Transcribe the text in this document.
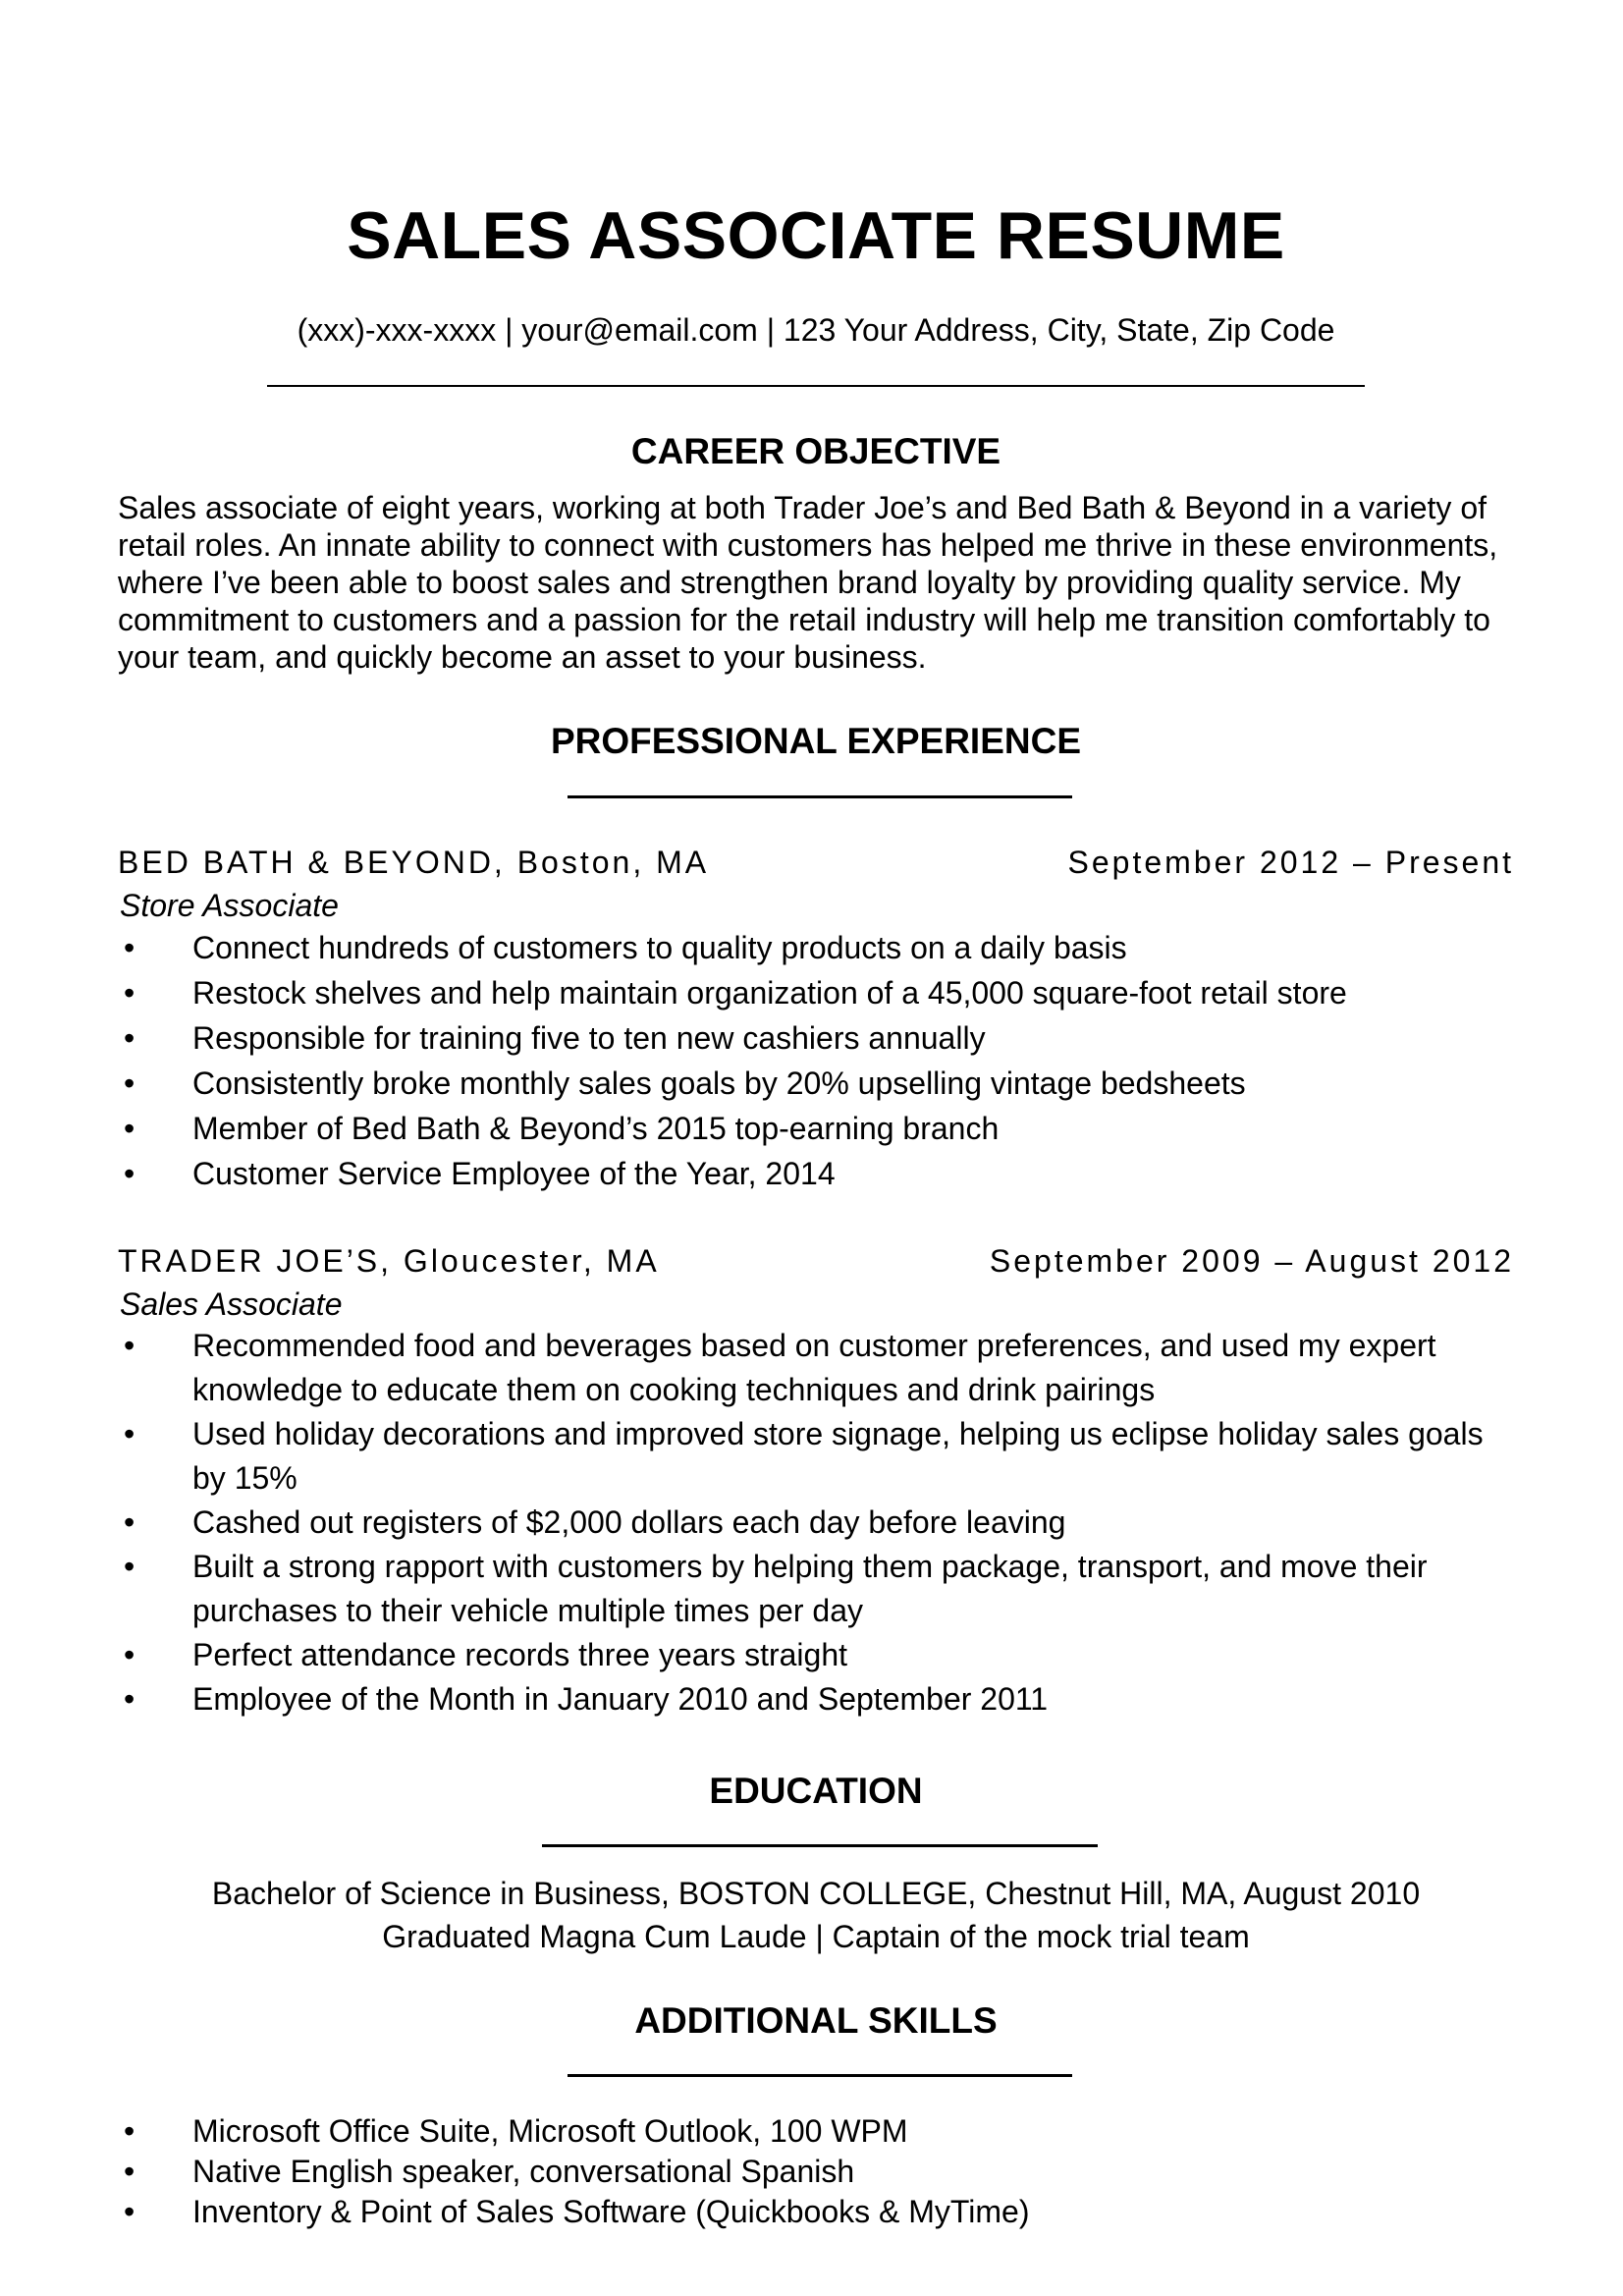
SALES ASSOCIATE RESUME
(xxx)-xxx-xxxx | your@email.com | 123 Your Address, City, State, Zip Code
CAREER OBJECTIVE
Sales associate of eight years, working at both Trader Joe’s and Bed Bath & Beyond in a variety of retail roles. An innate ability to connect with customers has helped me thrive in these environments, where I’ve been able to boost sales and strengthen brand loyalty by providing quality service. My commitment to customers and a passion for the retail industry will help me transition comfortably to your team, and quickly become an asset to your business.
PROFESSIONAL EXPERIENCE
BED BATH & BEYOND, Boston, MA	September 2012 – Present
Store Associate
• Connect hundreds of customers to quality products on a daily basis
• Restock shelves and help maintain organization of a 45,000 square-foot retail store
• Responsible for training five to ten new cashiers annually
• Consistently broke monthly sales goals by 20% upselling vintage bedsheets
• Member of Bed Bath & Beyond’s 2015 top-earning branch
• Customer Service Employee of the Year, 2014
TRADER JOE’S, Gloucester, MA	September 2009 – August 2012
Sales Associate
• Recommended food and beverages based on customer preferences, and used my expert knowledge to educate them on cooking techniques and drink pairings
• Used holiday decorations and improved store signage, helping us eclipse holiday sales goals by 15%
• Cashed out registers of $2,000 dollars each day before leaving
• Built a strong rapport with customers by helping them package, transport, and move their purchases to their vehicle multiple times per day
• Perfect attendance records three years straight
• Employee of the Month in January 2010 and September 2011
EDUCATION
Bachelor of Science in Business, BOSTON COLLEGE, Chestnut Hill, MA, August 2010
Graduated Magna Cum Laude | Captain of the mock trial team
ADDITIONAL SKILLS
• Microsoft Office Suite, Microsoft Outlook, 100 WPM
• Native English speaker, conversational Spanish
• Inventory & Point of Sales Software (Quickbooks & MyTime)
